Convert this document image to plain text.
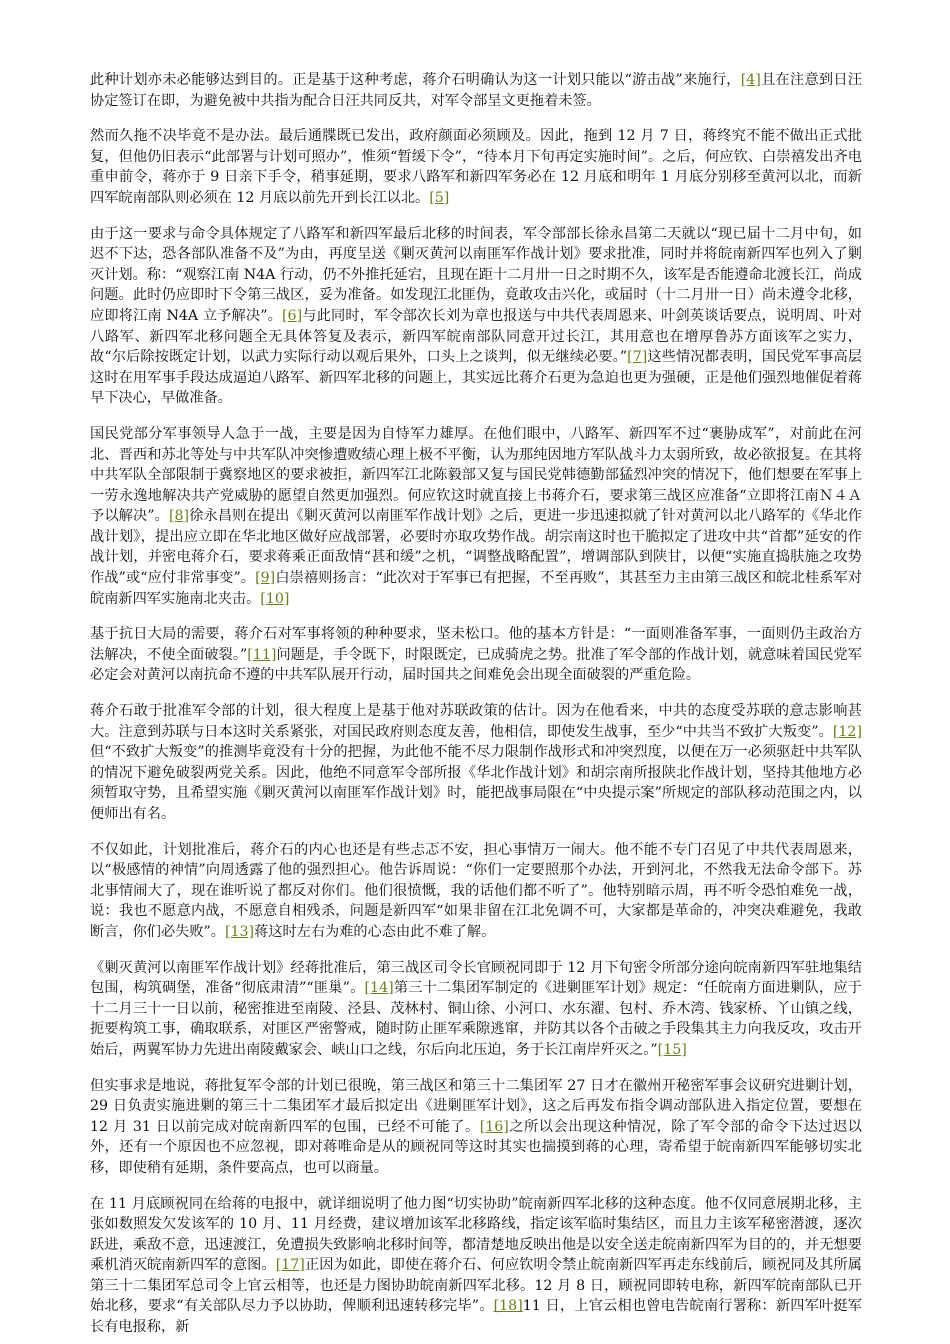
此种计划亦未必能够达到目的。正是基于这种考虑，蒋介石明确认为这一计划只能以“游击战”来施行，[4]且在注意到日汪协定签订在即，为避免被中共指为配合日汪共同反共，对军令部呈文更拖着未签。

然而久拖不决毕竟不是办法。最后通牒既已发出，政府颜面必须顾及。因此，拖到 12 月 7 日，蒋终究不能不做出正式批复，但他仍旧表示“此部署与计划可照办”，惟须“暂缓下令”，“待本月下旬再定实施时间”。之后，何应钦、白崇禧发出齐电重申前令，蒋亦于 9 日亲下手令，稍事延期，要求八路军和新四军务必在 12 月底和明年 1 月底分别移至黄河以北，而新四军皖南部队则必须在 12 月底以前先开到长江以北。[5]

由于这一要求与命令具体规定了八路军和新四军最后北移的时间表，军令部部长徐永昌第二天就以“现已届十二月中旬，如迟不下达，恐各部队准备不及”为由，再度呈送《剿灭黄河以南匪军作战计划》要求批准，同时并将皖南新四军也列入了剿灭计划。称：“观察江南 N4A 行动，仍不外推托延宕，且现在距十二月卅一日之时期不久，该军是否能遵命北渡长江，尚成问题。此时仍应即时下令第三战区，妥为准备。如发现江北匪伪，竟敢攻击兴化，或届时（十二月卅一日）尚未遵令北移，应即将江南 N4A 立予解决”。[6]与此同时，军令部次长刘为章也报送与中共代表周恩来、叶剑英谈话要点，说明周、叶对八路军、新四军北移问题全无具体答复及表示，新四军皖南部队同意开过长江，其用意也在增厚鲁苏方面该军之实力，故“尔后除按既定计划，以武力实际行动以观后果外，口头上之谈判，似无继续必要。”[7]这些情况都表明，国民党军事高层这时在用军事手段达成逼迫八路军、新四军北移的问题上，其实远比蒋介石更为急迫也更为强硬，正是他们强烈地催促着蒋早下决心，早做准备。

国民党部分军事领导人急于一战，主要是因为自恃军力雄厚。在他们眼中，八路军、新四军不过“裹胁成军”，对前此在河北、晋西和苏北等处与中共军队冲突惨遭败绩心理上极不平衡，认为那纯因地方军队战斗力太弱所致，故必欲报复。在其将中共军队全部限制于冀察地区的要求被拒，新四军江北陈毅部又复与国民党韩德勤部猛烈冲突的情况下，他们想要在军事上一劳永逸地解决共产党威胁的愿望自然更加强烈。何应钦这时就直接上书蒋介石，要求第三战区应准备“立即将江南Ｎ４Ａ予以解决”。[8]徐永昌则在提出《剿灭黄河以南匪军作战计划》之后，更进一步迅速拟就了针对黄河以北八路军的《华北作战计划》，提出应立即在华北地区做好应战部署，必要时亦取攻势作战。胡宗南这时也干脆拟定了进攻中共“首都”延安的作战计划，并密电蒋介石，要求蒋乘正面敌情“甚和缓”之机，“调整战略配置”，增调部队到陕甘，以便“实施直捣肤施之攻势作战”或“应付非常事变”。[9]白崇禧则扬言：“此次对于军事已有把握，不至再败”，其甚至力主由第三战区和皖北桂系军对皖南新四军实施南北夹击。[10]

基于抗日大局的需要，蒋介石对军事将领的种种要求，坚未松口。他的基本方针是：“一面则准备军事，一面则仍主政治方法解决，不使全面破裂。”[11]问题是，手令既下，时限既定，已成骑虎之势。批准了军令部的作战计划，就意味着国民党军必定会对黄河以南抗命不遵的中共军队展开行动，届时国共之间难免会出现全面破裂的严重危险。

蒋介石敢于批准军令部的计划，很大程度上是基于他对苏联政策的估计。因为在他看来，中共的态度受苏联的意志影响甚大。注意到苏联与日本这时关系紧张，对国民政府则态度友善，他相信，即使发生战事，至少“中共当不致扩大叛变”。[12]但“不致扩大叛变”的推测毕竟没有十分的把握，为此他不能不尽力限制作战形式和冲突烈度，以便在万一必须驱赶中共军队的情况下避免破裂两党关系。因此，他绝不同意军令部所报《华北作战计划》和胡宗南所报陕北作战计划，坚持其他地方必须暂取守势，且希望实施《剿灭黄河以南匪军作战计划》时，能把战事局限在“中央提示案”所规定的部队移动范围之内，以便师出有名。

不仅如此，计划批准后，蒋介石的内心也还是有些忐忑不安，担心事情万一闹大。他不能不专门召见了中共代表周恩来，以“极感情的神情”向周透露了他的强烈担心。他告诉周说：“你们一定要照那个办法，开到河北，不然我无法命令部下。苏北事情闹大了，现在谁听说了都反对你们。他们很愤慨，我的话他们都不听了”。他特别暗示周，再不听令恐怕难免一战，说：我也不愿意内战，不愿意自相残杀，问题是新四军“如果非留在江北免调不可，大家都是革命的，冲突决难避免，我敢断言，你们必失败”。[13]蒋这时左右为难的心态由此不难了解。

《剿灭黄河以南匪军作战计划》经蒋批准后，第三战区司令长官顾祝同即于 12 月下旬密令所部分途向皖南新四军驻地集结包围，构筑碉堡，准备“彻底肃清”“匪巢”。[14]第三十二集团军制定的《进剿匪军计划》规定：“任皖南方面进剿队，应于十二月三十一日以前，秘密推进至南陵、泾县、茂林村、铜山徐、小河口、水东濯、包村、乔木湾、钱家桥、丫山镇之线，扼要构筑工事，确取联系，对匪区严密警戒，随时防止匪军乘隙逃窜，并防其以各个击破之手段集其主力向我反攻，攻击开始后，两翼军协力先进出南陵戴家会、峡山口之线，尔后向北压迫，务于长江南岸歼灭之。”[15]

但实事求是地说，蒋批复军令部的计划已很晚，第三战区和第三十二集团军 27 日才在徽州开秘密军事会议研究进剿计划，29 日负责实施进剿的第三十二集团军才最后拟定出《进剿匪军计划》，这之后再发布指令调动部队进入指定位置，要想在 12 月 31 日以前完成对皖南新四军的包围，已经不可能了。[16]之所以会出现这种情况，除了军令部的命令下达过迟以外，还有一个原因也不应忽视，即对蒋唯命是从的顾祝同等这时其实也揣摸到蒋的心理，寄希望于皖南新四军能够切实北移，即使稍有延期，条件要高点，也可以商量。

在 11 月底顾祝同在给蒋的电报中，就详细说明了他力图“切实协助”皖南新四军北移的这种态度。他不仅同意展期北移，主张如数照发欠发该军的 10 月、11 月经费，建议增加该军北移路线，指定该军临时集结区，而且力主该军秘密潜渡，逐次跃进，乘敌不意，迅速渡江，免遭损失致影响北移时间等，都清楚地反映出他是以安全送走皖南新四军为目的的，并无想要乘机消灭皖南新四军的意图。[17]正因为如此，即使在蒋介石、何应钦明令禁止皖南新四军再走东线前后，顾祝同及其所属第三十二集团军总司令上官云相等，也还是力图协助皖南新四军北移。12 月 8 日，顾祝同即转电称，新四军皖南部队已开始北移，要求“有关部队尽力予以协助，俾顺利迅速转移完毕”。[18]11 日，上官云相也曾电告皖南行署称：新四军叶挺军长有电报称，新
